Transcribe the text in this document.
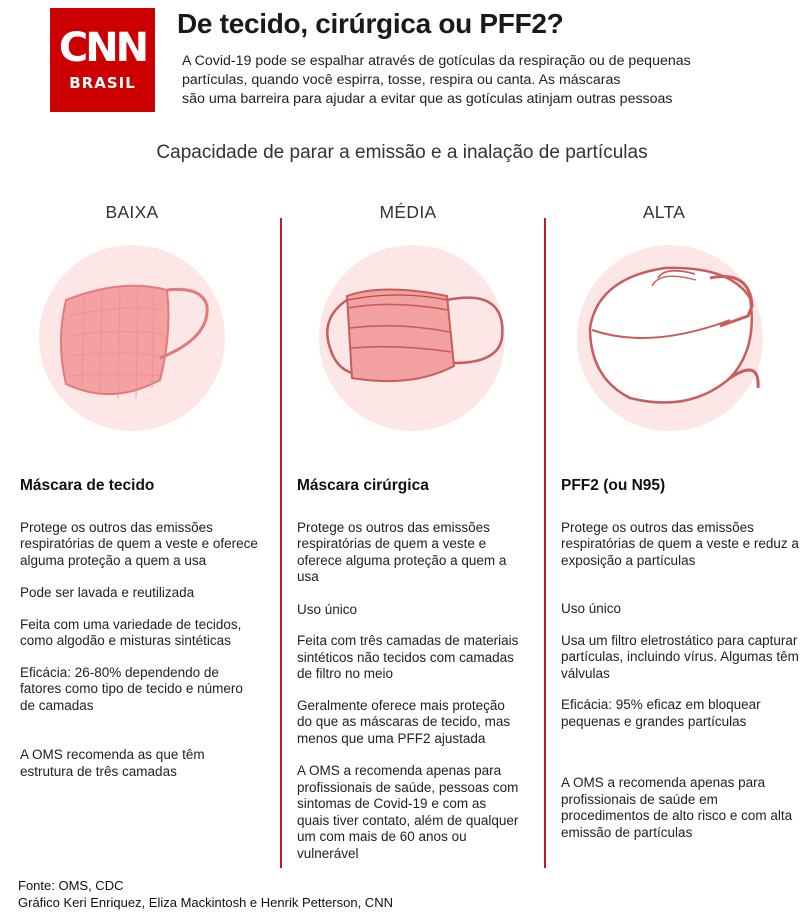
CNN
BRASIL
De tecido, cirúrgica ou PFF2?
A Covid-19 pode se espalhar através de gotículas da respiração ou de pequenas
partículas, quando você espirra, tosse, respira ou canta. As máscaras
são uma barreira para ajudar a evitar que as gotículas atinjam outras pessoas
Capacidade de parar a emissão e a inalação de partículas
BAIXA	MÉDIA	ALTA
Máscara de tecido

Protege os outros das emissões respiratórias de quem a veste e oferece alguma proteção a quem a usa

Pode ser lavada e reutilizada

Feita com uma variedade de tecidos, como algodão e misturas sintéticas

Eficácia: 26-80% dependendo de fatores como tipo de tecido e número de camadas

A OMS recomenda as que têm estrutura de três camadas

Máscara cirúrgica

Protege os outros das emissões respiratórias de quem a veste e oferece alguma proteção a quem a usa

Uso único

Feita com três camadas de materiais sintéticos não tecidos com camadas de filtro no meio

Geralmente oferece mais proteção do que as máscaras de tecido, mas menos que uma PFF2 ajustada

A OMS a recomenda apenas para profissionais de saúde, pessoas com sintomas de Covid-19 e com as quais tiver contato, além de qualquer um com mais de 60 anos ou vulnerável

PFF2 (ou N95)

Protege os outros das emissões respiratórias de quem a veste e reduz a exposição a partículas

Uso único

Usa um filtro eletrostático para capturar partículas, incluindo vírus. Algumas têm válvulas

Eficácia: 95% eficaz em bloquear pequenas e grandes partículas

A OMS a recomenda apenas para profissionais de saúde em procedimentos de alto risco e com alta emissão de partículas

Fonte: OMS, CDC
Gráfico Keri Enriquez, Eliza Mackintosh e Henrik Petterson, CNN
